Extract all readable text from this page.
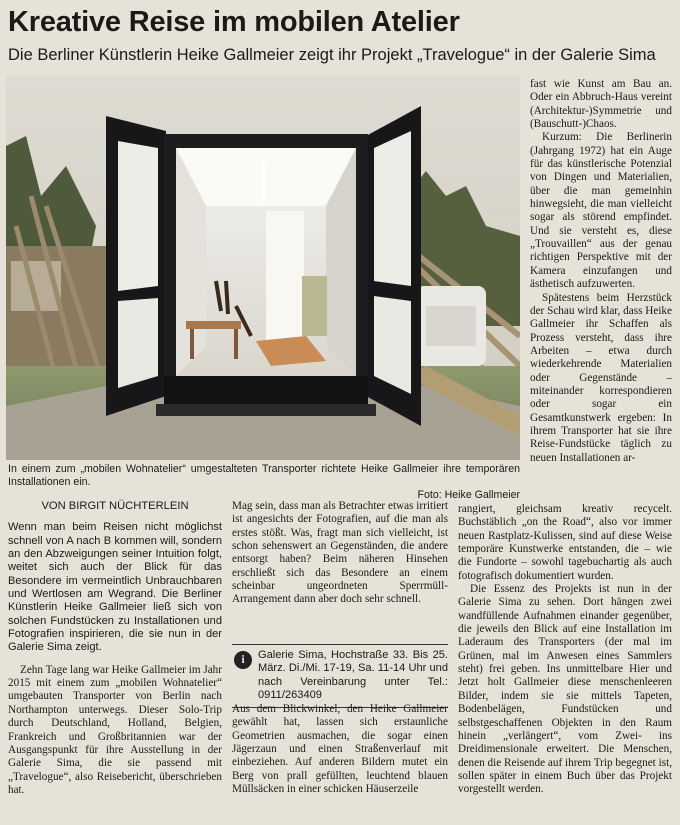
Kreative Reise im mobilen Atelier
Die Berliner Künstlerin Heike Gallmeier zeigt ihr Projekt „Travelogue“ in der Galerie Sima
In einem zum „mobilen Wohnatelier“ umgestalteten Transporter richtete Heike Gallmeier ihre temporären Installationen ein.
Foto: Heike Gallmeier

fast wie Kunst am Bau an. Oder ein Abbruch-Haus vereint (Architektur-)Symmetrie und (Bauschutt-)Chaos.

Kurzum: Die Berlinerin (Jahrgang 1972) hat ein Auge für das künstlerische Potenzial von Dingen und Materialien, über die man gemeinhin hinwegsieht, die man vielleicht sogar als störend empfindet. Und sie versteht es, diese „Trouvaillen“ aus der genau richtigen Perspektive mit der Kamera einzufangen und ästhetisch aufzuwerten.

Spätestens beim Herzstück der Schau wird klar, dass Heike Gallmeier ihr Schaffen als Prozess versteht, dass ihre Arbeiten – etwa durch wiederkehrende Materialien oder Gegenstände – miteinander korrespondieren oder sogar ein Gesamtkunstwerk ergeben: In ihrem Transporter hat sie ihre Reise-Fundstücke täglich zu neuen Installationen ar-

VON BIRGIT NÜCHTERLEIN

Wenn man beim Reisen nicht möglichst schnell von A nach B kommen will, sondern an den Abzweigungen seiner Intuition folgt, weitet sich auch der Blick für das Besondere im vermeintlich Unbrauchbaren und Wertlosen am Wegrand. Die Berliner Künstlerin Heike Gallmeier ließ sich von solchen Fundstücken zu Installationen und Fotografien inspirieren, die sie nun in der Galerie Sima zeigt.

Zehn Tage lang war Heike Gallmeier im Jahr 2015 mit einem zum „mobilen Wohnatelier“ umgebauten Transporter von Berlin nach Northampton unterwegs. Dieser Solo-Trip durch Deutschland, Holland, Belgien, Frankreich und Großbritannien war der Ausgangspunkt für ihre Ausstellung in der Galerie Sima, die sie passend mit „Travelogue“, also Reisebericht, überschrieben hat.

Mag sein, dass man als Betrachter etwas irritiert ist angesichts der Fotografien, auf die man als erstes stößt. Was, fragt man sich vielleicht, ist schon sehenswert an Gegenständen, die andere entsorgt haben? Beim näheren Hinsehen erschließt sich das Besondere an einem scheinbar ungeordneten Sperrmüll-Arrangement dann aber doch sehr schnell.

i	Galerie Sima, Hochstraße 33. Bis 25. März. Di./Mi. 17-19, Sa. 11-14 Uhr und nach Vereinbarung unter Tel.: 0911/263409

Aus dem Blickwinkel, den Heike Gallmeier gewählt hat, lassen sich erstaunliche Geometrien ausmachen, die sogar einen Jägerzaun und einen Straßenverlauf mit einbeziehen. Auf anderen Bildern mutet ein Berg von prall gefüllten, leuchtend blauen Müllsäcken in einer schicken Häuserzeile

rangiert, gleichsam kreativ recycelt. Buchstäblich „on the Road“, also vor immer neuen Rastplatz-Kulissen, sind auf diese Weise temporäre Kunstwerke entstanden, die – wie die Fundorte – sowohl tagebuchartig als auch fotografisch dokumentiert wurden.

Die Essenz des Projekts ist nun in der Galerie Sima zu sehen. Dort hängen zwei wandfüllende Aufnahmen einander gegenüber, die jeweils den Blick auf eine Installation im Laderaum des Transporters (der mal im Grünen, mal im Anwesen eines Sammlers steht) frei geben. Ins unmittelbare Hier und Jetzt holt Gallmeier diese menschenleeren Bilder, indem sie sie mittels Tapeten, Bodenbelägen, Fundstücken und selbstgeschaffenen Objekten in den Raum hinein „verlängert“, vom Zwei- ins Dreidimensionale erweitert. Die Menschen, denen die Reisende auf ihrem Trip begegnet ist, sollen später in einem Buch über das Projekt vorgestellt werden.
